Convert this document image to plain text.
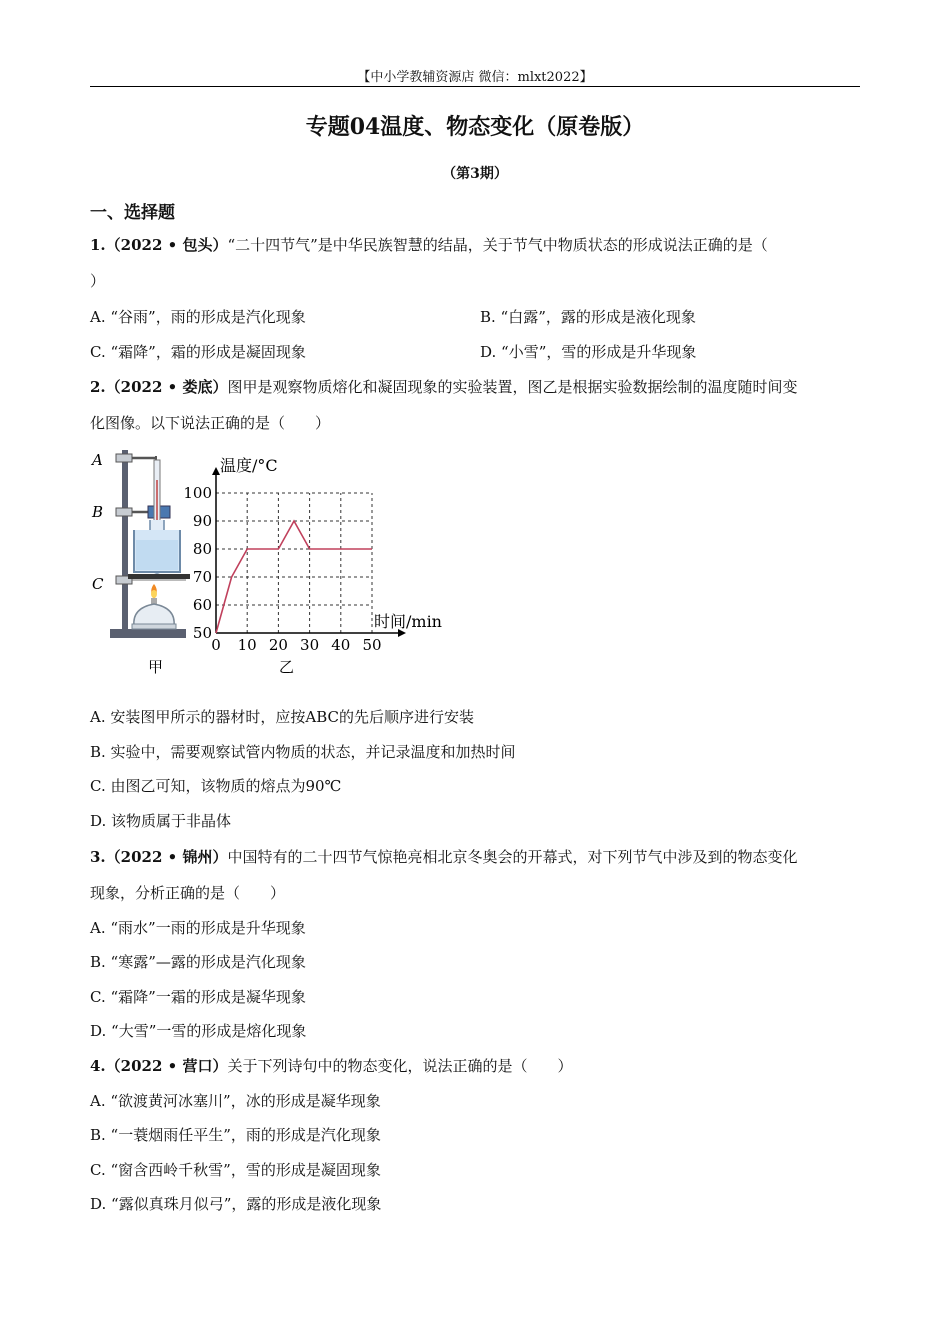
【中小学教辅资源店 微信：mlxt2022】
专题04温度、物态变化（原卷版）
（第3期）
一、选择题
1.（2022 • 包头）“二十四节气”是中华民族智慧的结晶，关于节气中物质状态的形成说法正确的是（
）
A. “谷雨”，雨的形成是汽化现象	B. “白露”，露的形成是液化现象
C. “霜降”，霜的形成是凝固现象	D. “小雪”，雪的形成是升华现象
2.（2022 • 娄底）图甲是观察物质熔化和凝固现象的实验装置，图乙是根据实验数据绘制的温度随时间变
化图像。以下说法正确的是（　　）
A
B
C
甲	乙
0 10 20 30 40 50
50
60
70
80
90
100
温度/°C
时间/min
A. 安装图甲所示的器材时，应按ABC的先后顺序进行安装
B. 实验中，需要观察试管内物质的状态，并记录温度和加热时间
C. 由图乙可知，该物质的熔点为90℃
D. 该物质属于非晶体
3.（2022 • 锦州）中国特有的二十四节气惊艳亮相北京冬奥会的开幕式，对下列节气中涉及到的物态变化
现象，分析正确的是（　　）
A. “雨水”一雨的形成是升华现象
B. “寒露”—露的形成是汽化现象
C. “霜降”一霜的形成是凝华现象
D. “大雪”一雪的形成是熔化现象
4.（2022 • 营口）关于下列诗句中的物态变化，说法正确的是（　　）
A. “欲渡黄河冰塞川”，冰的形成是凝华现象
B. “一蓑烟雨任平生”，雨的形成是汽化现象
C. “窗含西岭千秋雪”，雪的形成是凝固现象
D. “露似真珠月似弓”，露的形成是液化现象
